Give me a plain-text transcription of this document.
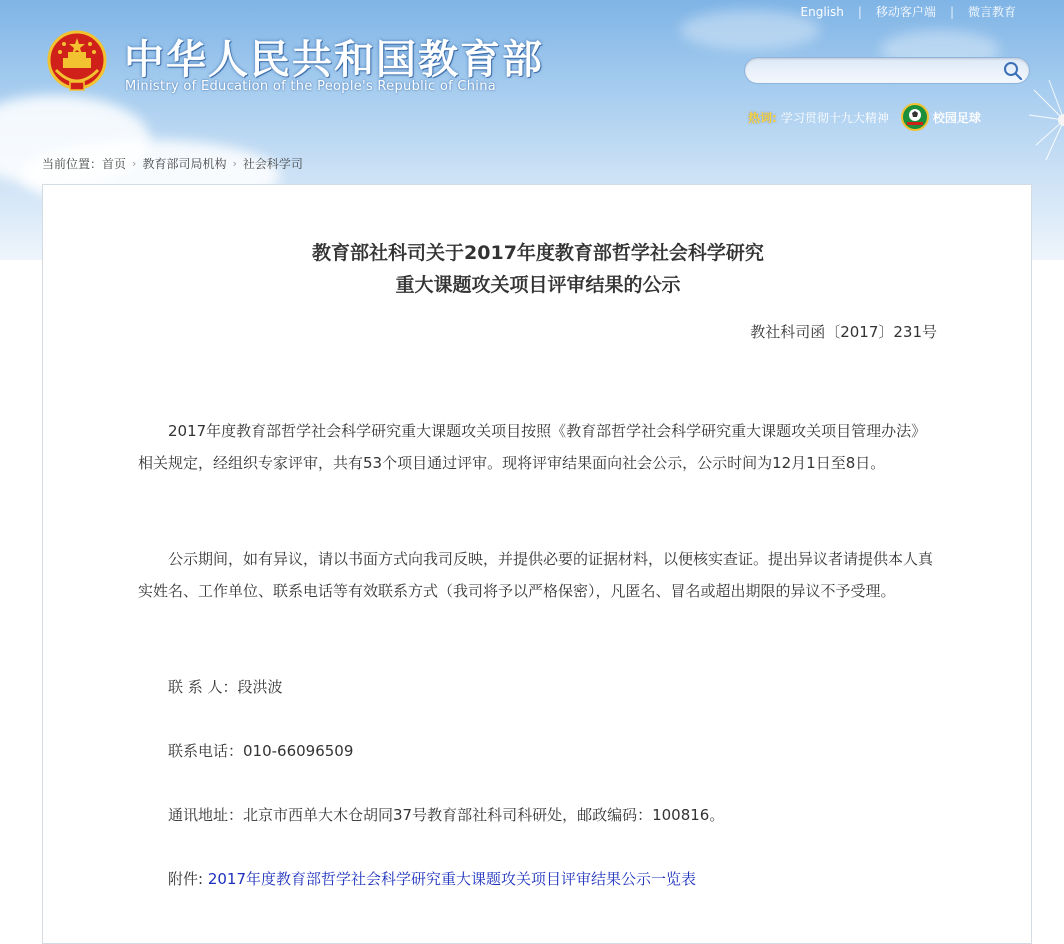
English | 移动客户端 | 微言教育
中华人民共和国教育部
Ministry of Education of the People's Republic of China
热词: 学习贯彻十九大精神	校园足球
当前位置： 首页 › 教育部司局机构 › 社会科学司
教育部社科司关于2017年度教育部哲学社会科学研究
重大课题攻关项目评审结果的公示
教社科司函〔2017〕231号

2017年度教育部哲学社会科学研究重大课题攻关项目按照《教育部哲学社会科学研究重大课题攻关项目管理办法》相关规定，经组织专家评审，共有53个项目通过评审。现将评审结果面向社会公示，公示时间为12月1日至8日。

公示期间，如有异议，请以书面方式向我司反映，并提供必要的证据材料，以便核实查证。提出异议者请提供本人真实姓名、工作单位、联系电话等有效联系方式（我司将予以严格保密），凡匿名、冒名或超出期限的异议不予受理。

联 系 人：段洪波

联系电话：010-66096509

通讯地址：北京市西单大木仓胡同37号教育部社科司科研处，邮政编码：100816。

附件: 2017年度教育部哲学社会科学研究重大课题攻关项目评审结果公示一览表
